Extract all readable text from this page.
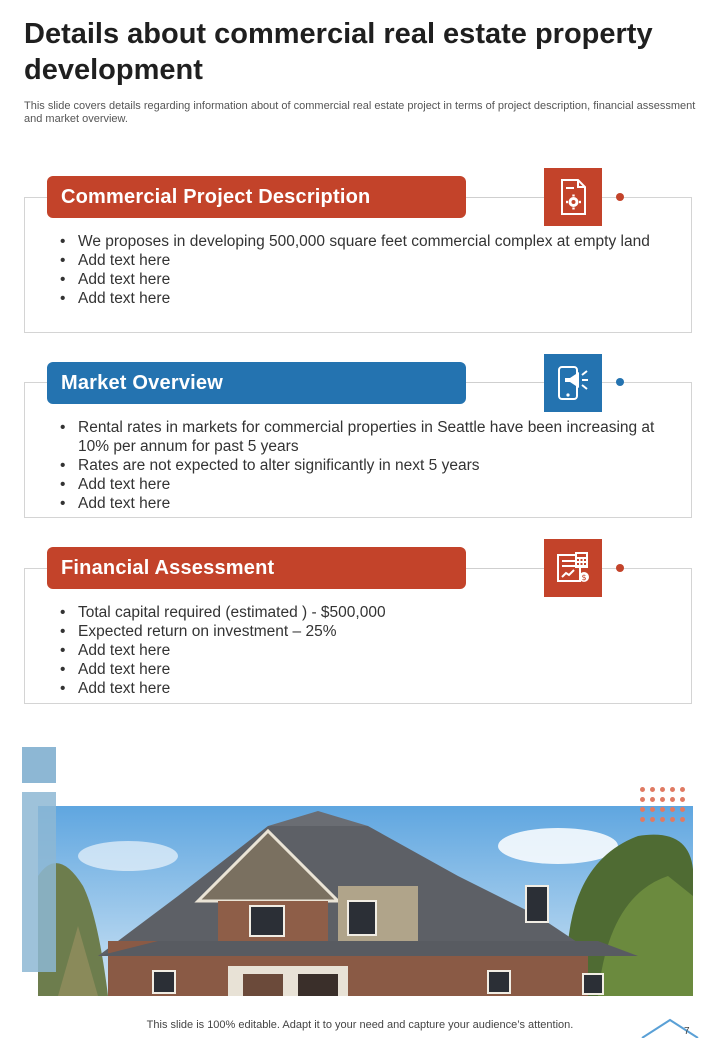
Details about commercial real estate property development
This slide covers details regarding information about of commercial real estate project in terms of project description, financial assessment and market overview.
Commercial Project Description
• We proposes in developing 500,000 square feet commercial complex at empty land
• Add text here
• Add text here
• Add text here
Market Overview
• Rental rates in markets for commercial properties in Seattle have been increasing at 10% per annum for past 5 years
• Rates are not expected to alter significantly in next 5 years
• Add text here
• Add text here
Financial Assessment	$
• Total capital required (estimated ) - $500,000
• Expected return on investment – 25%
• Add text here
• Add text here
• Add text here
This slide is 100% editable. Adapt it to your need and capture your audience’s attention.
7
